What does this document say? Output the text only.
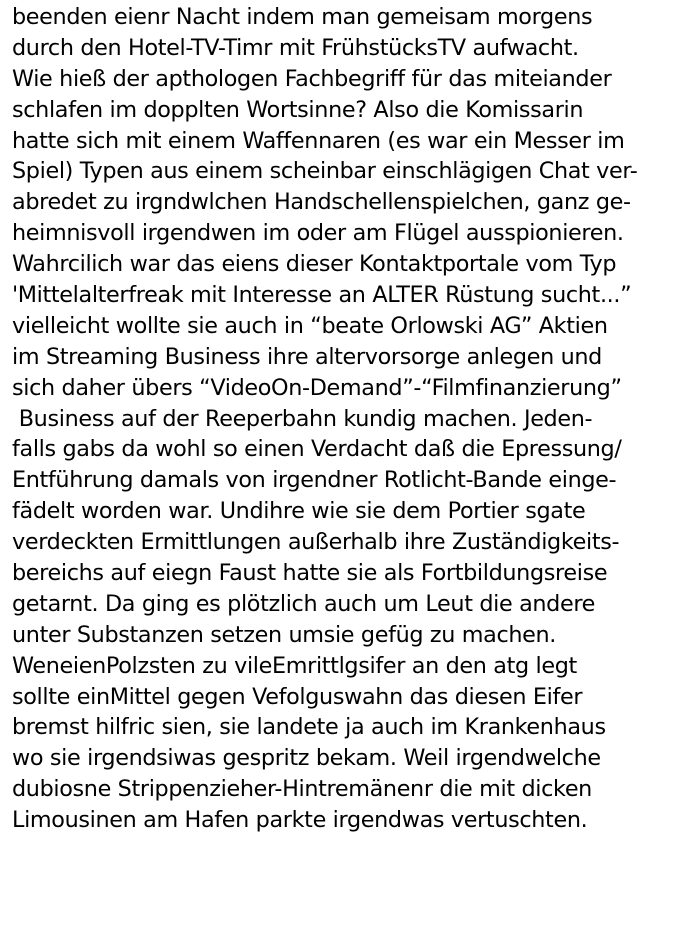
beenden eienr Nacht indem man gemeisam morgens
durch den Hotel-TV-Timr mit FrühstücksTV aufwacht.
Wie hieß der apthologen Fachbegriff für das miteiander
schlafen im dopplten Wortsinne? Also die Komissarin
hatte sich mit einem Waffennaren (es war ein Messer im
Spiel) Typen aus einem scheinbar einschlägigen Chat ver-
abredet zu irgndwlchen Handschellenspielchen, ganz ge-
heimnisvoll irgendwen im oder am Flügel ausspionieren.
Wahrcilich war das eiens dieser Kontaktportale vom Typ
'Mittelalterfreak mit Interesse an ALTER Rüstung sucht...”
vielleicht wollte sie auch in “beate Orlowski AG” Aktien
im Streaming Business ihre altervorsorge anlegen und
sich daher übers “VideoOn-Demand”-“Filmfinanzierung”
Business auf der Reeperbahn kundig machen. Jeden-
falls gabs da wohl so einen Verdacht daß die Epressung/
Entführung damals von irgendner Rotlicht-Bande einge-
fädelt worden war. Undihre wie sie dem Portier sgate
verdeckten Ermittlungen außerhalb ihre Zuständigkeits-
bereichs auf eiegn Faust hatte sie als Fortbildungsreise
getarnt. Da ging es plötzlich auch um Leut die andere
unter Substanzen setzen umsie gefüg zu machen.
WeneienPolzsten zu vileEmrittlgsifer an den atg legt
sollte einMittel gegen Vefolguswahn das diesen Eifer
bremst hilfric sien, sie landete ja auch im Krankenhaus
wo sie irgendsiwas gespritz bekam. Weil irgendwelche
dubiosne Strippenzieher-Hintremänenr die mit dicken
Limousinen am Hafen parkte irgendwas vertuschten.
